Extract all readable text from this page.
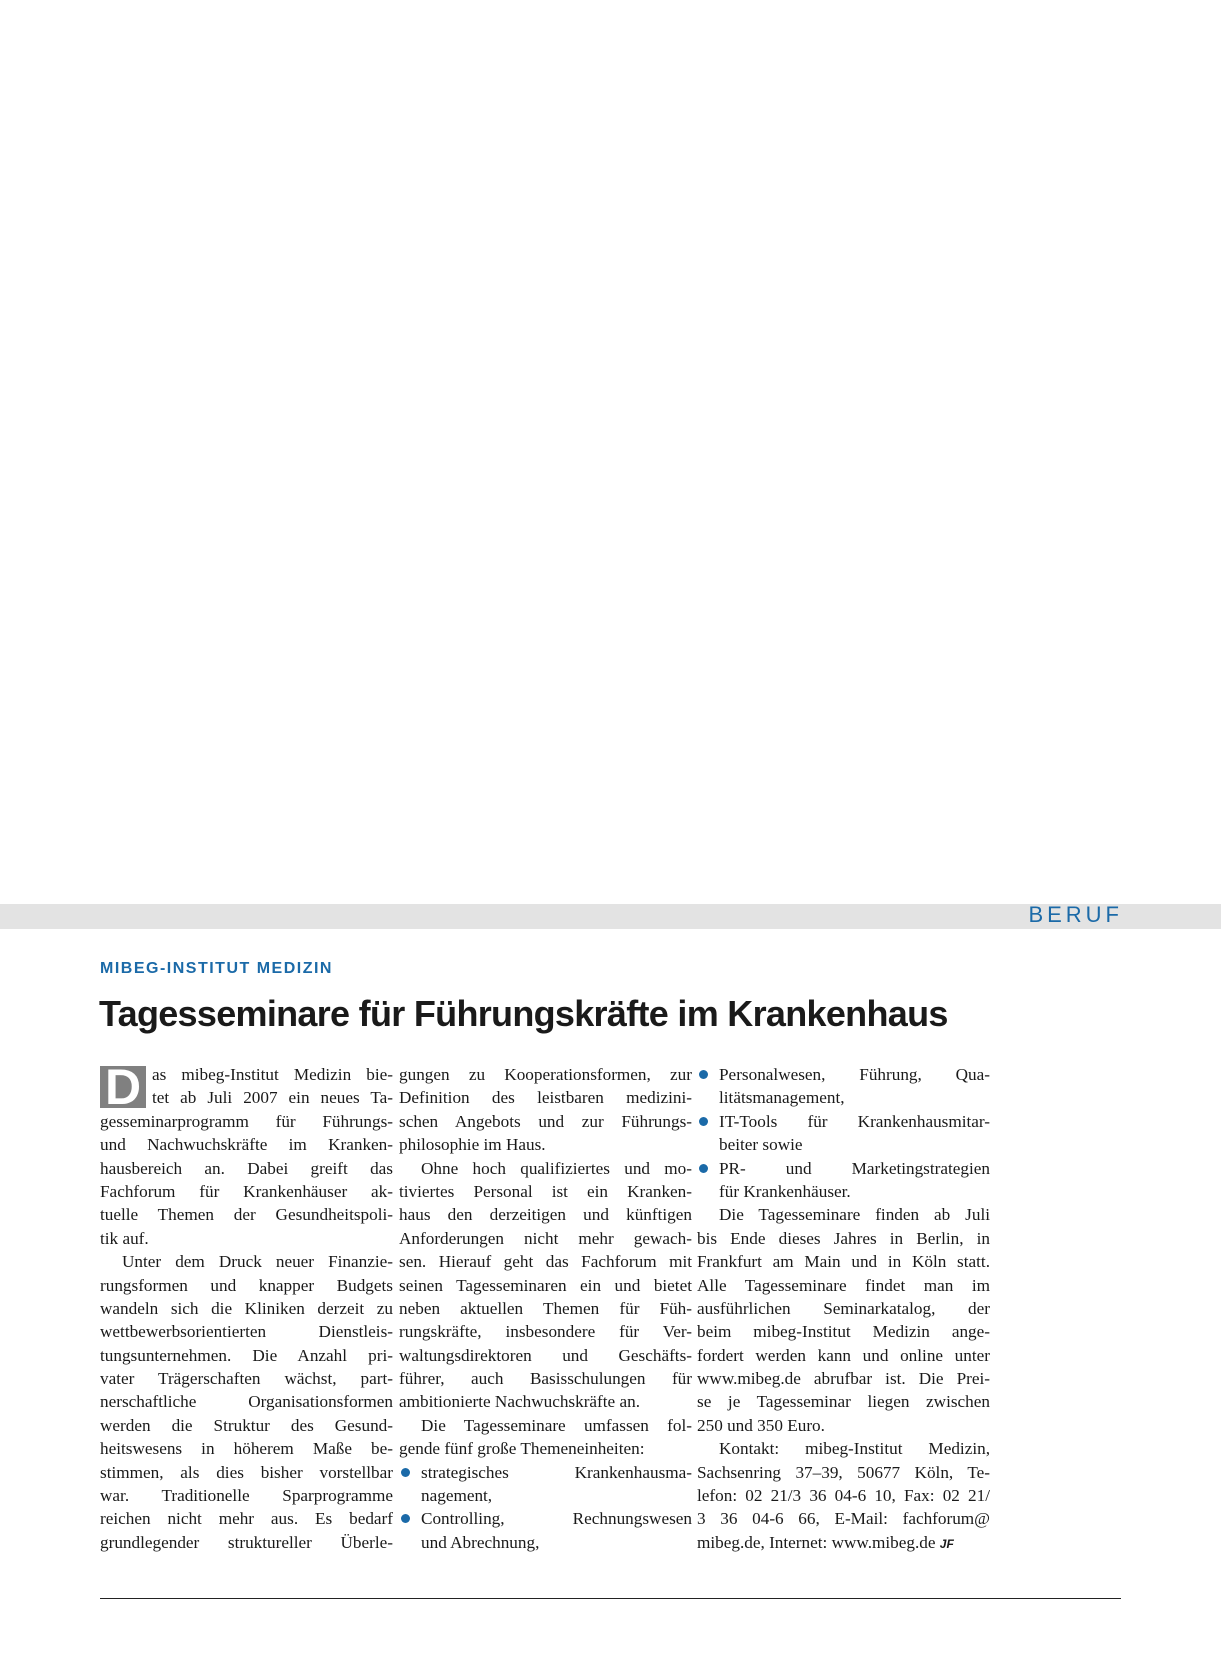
BERUF
MIBEG-INSTITUT MEDIZIN
Tagesseminare für Führungskräfte im Krankenhaus
D as mibeg-Institut Medizin bie-
tet ab Juli 2007 ein neues Ta-
gesseminarprogramm für Führungs-
und Nachwuchskräfte im Kranken-
hausbereich an. Dabei greift das
Fachforum für Krankenhäuser ak-
tuelle Themen der Gesundheitspoli-
tik auf.
Unter dem Druck neuer Finanzie-
rungsformen und knapper Budgets
wandeln sich die Kliniken derzeit zu
wettbewerbsorientierten Dienstleis-
tungsunternehmen. Die Anzahl pri-
vater Trägerschaften wächst, part-
nerschaftliche Organisationsformen
werden die Struktur des Gesund-
heitswesens in höherem Maße be-
stimmen, als dies bisher vorstellbar
war. Traditionelle Sparprogramme
reichen nicht mehr aus. Es bedarf
grundlegender struktureller Überle-
gungen zu Kooperationsformen, zur
Definition des leistbaren medizini-
schen Angebots und zur Führungs-
philosophie im Haus.
Ohne hoch qualifiziertes und mo-
tiviertes Personal ist ein Kranken-
haus den derzeitigen und künftigen
Anforderungen nicht mehr gewach-
sen. Hierauf geht das Fachforum mit
seinen Tagesseminaren ein und bietet
neben aktuellen Themen für Füh-
rungskräfte, insbesondere für Ver-
waltungsdirektoren und Geschäfts-
führer, auch Basisschulungen für
ambitionierte Nachwuchskräfte an.
Die Tagesseminare umfassen fol-
gende fünf große Themeneinheiten:
strategisches Krankenhausma-
nagement,
Controlling, Rechnungswesen
und Abrechnung,
Personalwesen, Führung, Qua-
litätsmanagement,
IT-Tools für Krankenhausmitar-
beiter sowie
PR- und Marketingstrategien
für Krankenhäuser.
Die Tagesseminare finden ab Juli
bis Ende dieses Jahres in Berlin, in
Frankfurt am Main und in Köln statt.
Alle Tagesseminare findet man im
ausführlichen Seminarkatalog, der
beim mibeg-Institut Medizin ange-
fordert werden kann und online unter
www.mibeg.de abrufbar ist. Die Prei-
se je Tagesseminar liegen zwischen
250 und 350 Euro.
Kontakt: mibeg-Institut Medizin,
Sachsenring 37–39, 50677 Köln, Te-
lefon: 02 21/3 36 04-6 10, Fax: 02 21/
3 36 04-6 66, E-Mail: fachforum@
mibeg.de, Internet: www.mibeg.de JF
